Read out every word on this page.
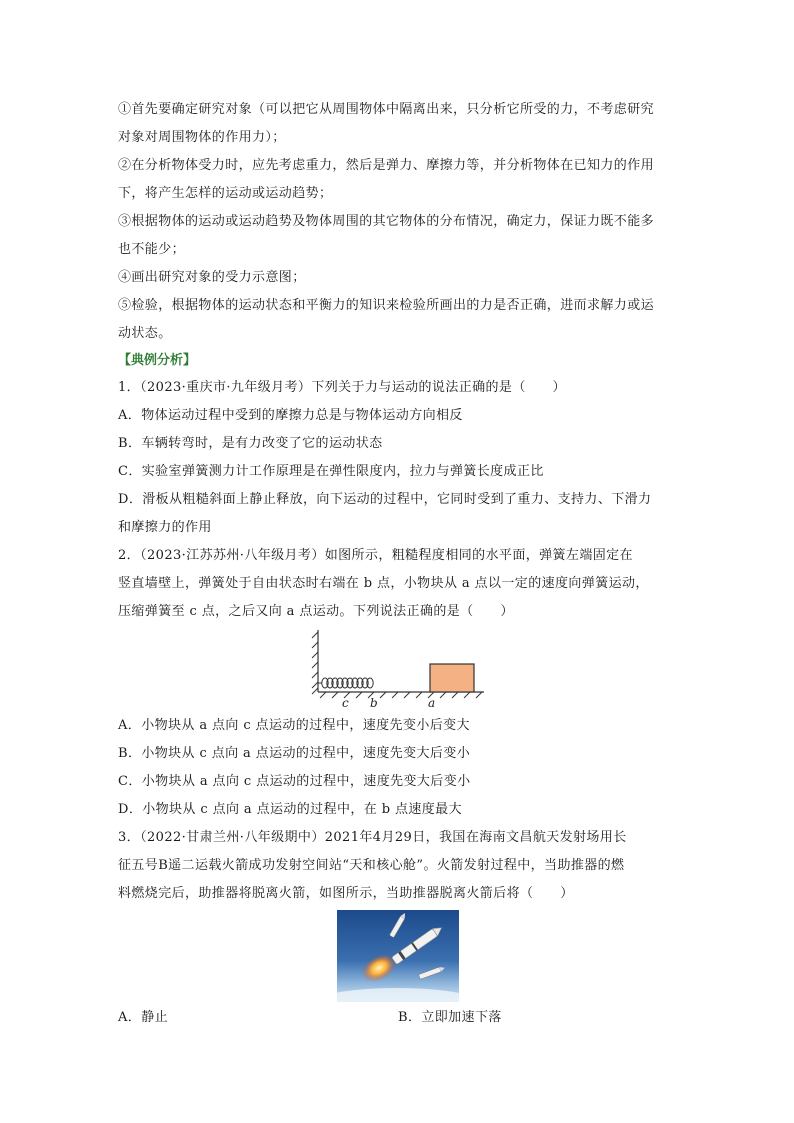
①首先要确定研究对象（可以把它从周围物体中隔离出来，只分析它所受的力，不考虑研究
对象对周围物体的作用力）；

②在分析物体受力时，应先考虑重力，然后是弹力、摩擦力等，并分析物体在已知力的作用
下，将产生怎样的运动或运动趋势；

③根据物体的运动或运动趋势及物体周围的其它物体的分布情况，确定力，保证力既不能多
也不能少；

④画出研究对象的受力示意图；

⑤检验，根据物体的运动状态和平衡力的知识来检验所画出的力是否正确，进而求解力或运
动状态。

【典例分析】

1．（2023·重庆市·九年级月考）下列关于力与运动的说法正确的是（　　）

A．物体运动过程中受到的摩擦力总是与物体运动方向相反

B．车辆转弯时，是有力改变了它的运动状态

C．实验室弹簧测力计工作原理是在弹性限度内，拉力与弹簧长度成正比

D．滑板从粗糙斜面上静止释放，向下运动的过程中，它同时受到了重力、支持力、下滑力

和摩擦力的作用

2．（2023·江苏苏州·八年级月考）如图所示，粗糙程度相同的水平面，弹簧左端固定在

竖直墙壁上，弹簧处于自由状态时右端在 b 点，小物块从 a 点以一定的速度向弹簧运动，

压缩弹簧至 c 点，之后又向 a 点运动。下列说法正确的是（　　）

c b	a

A．小物块从 a 点向 c 点运动的过程中，速度先变小后变大

B．小物块从 c 点向 a 点运动的过程中，速度先变大后变小

C．小物块从 a 点向 c 点运动的过程中，速度先变大后变小

D．小物块从 c 点向 a 点运动的过程中，在 b 点速度最大

3．（2022·甘肃兰州·八年级期中）2021年4月29日，我国在海南文昌航天发射场用长

征五号B遥二运载火箭成功发射空间站“天和核心舱”。火箭发射过程中，当助推器的燃

料燃烧完后，助推器将脱离火箭，如图所示，当助推器脱离火箭后将（　　）

A．静止	B．立即加速下落
